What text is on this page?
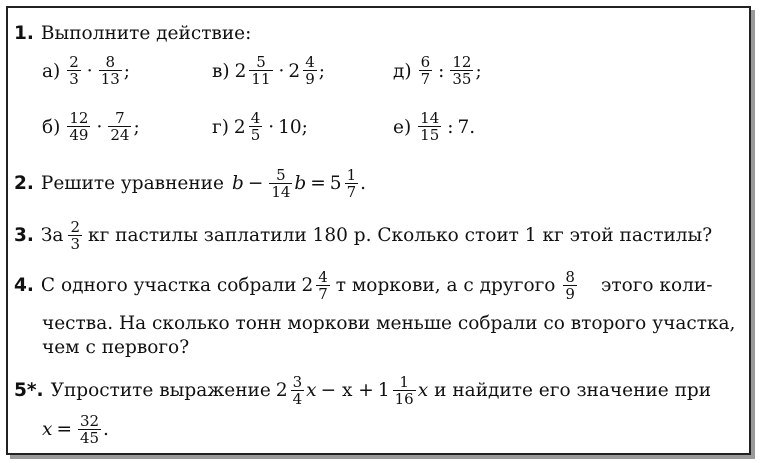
1. Выполните действие:
$а) \frac{2}{3} \cdot \frac{8}{13}$ ;	в) $2 \frac{5}{11} \cdot 2 \frac{4}{9}$ ;	$д) \frac{6}{7}$ : $\frac{12}{35}$ ;
$б) \frac{12}{49} \cdot \frac{7}{24}$ ;	г) $2 \frac{4}{5} \cdot 10$;	$е) \frac{14}{15}$ : 7.
2. Решите уравнение $b - \frac{5}{14}$ $b = 5 \frac{1}{7}$ .
3. За $\frac{2}{3}$ кг пастилы заплатили 180 р. Сколько стоит 1 кг этой пастилы?
4. С одного участка собрали $2 \frac{4}{7}$ т моркови, а с другого $\frac{8}{9}$ этого коли-
чества. На сколько тонн моркови меньше собрали со второго участка,
чем с первого?
5*. Упростите выражение $2 \frac{3}{4}$ $x - x + 1 \frac{1}{16}$ x и найдите его значение при
$x = \frac{32}{45}$ .
